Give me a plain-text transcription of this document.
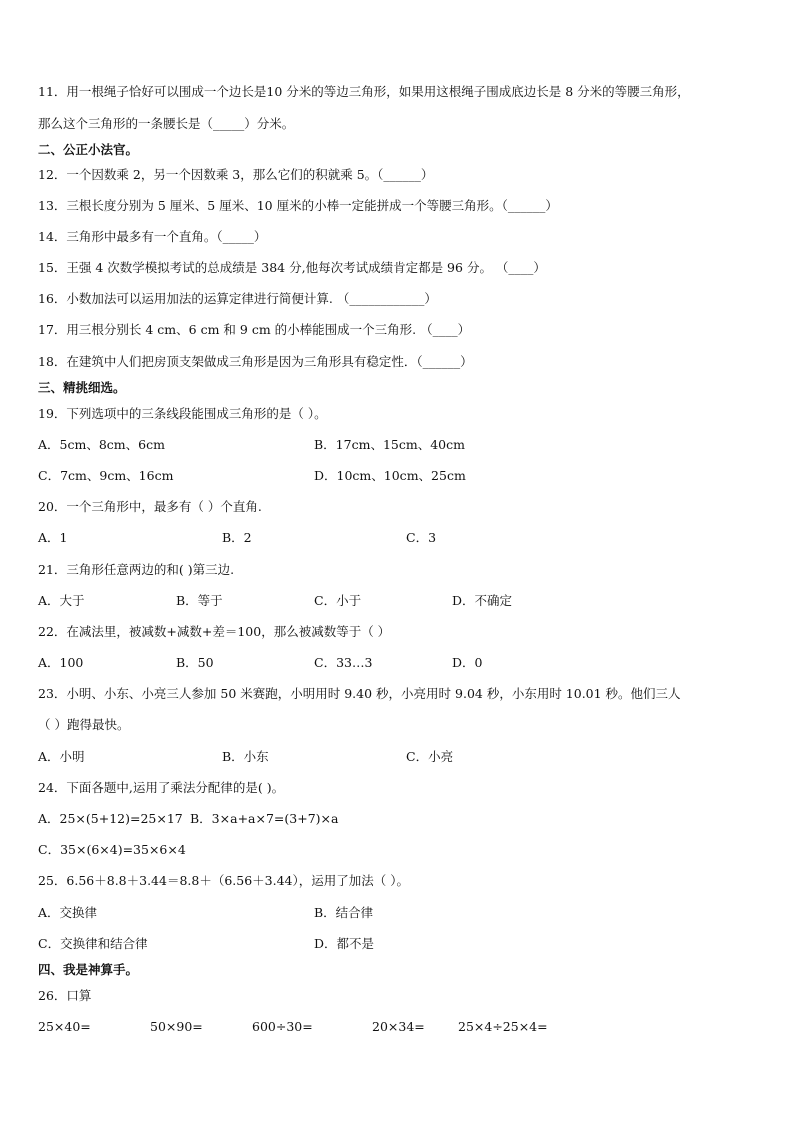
11．用一根绳子恰好可以围成一个边长是10 分米的等边三角形，如果用这根绳子围成底边长是 8 分米的等腰三角形，
那么这个三角形的一条腰长是（_____）分米。
二、公正小法官。
12．一个因数乘 2，另一个因数乘 3，那么它们的积就乘 5。（______）
13．三根长度分别为 5 厘米、5 厘米、10 厘米的小棒一定能拼成一个等腰三角形。（______）
14．三角形中最多有一个直角。（_____）
15．王强 4 次数学模拟考试的总成绩是 384 分,他每次考试成绩肯定都是 96 分。 （____）
16．小数加法可以运用加法的运算定律进行简便计算. （____________）
17．用三根分别长 4 cm、6 cm 和 9 cm 的小棒能围成一个三角形. （____）
18．在建筑中人们把房顶支架做成三角形是因为三角形具有稳定性．（______）
三、精挑细选。
19．下列选项中的三条线段能围成三角形的是（ ）。
A．5cm、8cm、6cm	B．17cm、15cm、40cm
C．7cm、9cm、16cm	D．10cm、10cm、25cm
20．一个三角形中，最多有（ ）个直角.
A．1	B．2	C．3
21．三角形任意两边的和( )第三边.
A．大于	B．等于	C．小于	D．不确定
22．在减法里，被减数+减数+差＝100，那么被减数等于（ ）
A．100	B．50	C．33…3	D．0
23．小明、小东、小亮三人参加 50 米赛跑，小明用时 9.40 秒，小亮用时 9.04 秒，小东用时 10.01 秒。他们三人
（ ）跑得最快。
A．小明	B．小东	C．小亮
24．下面各题中,运用了乘法分配律的是( )。
A．25×(5+12)=25×17 B．3×a+a×7=(3+7)×a
C．35×(6×4)=35×6×4
25．6.56＋8.8＋3.44＝8.8＋（6.56＋3.44），运用了加法（ ）。
A．交换律	B．结合律
C．交换律和结合律	D．都不是
四、我是神算手。
26．口算
25×40=	50×90=	600÷30=	20×34=	25×4÷25×4=
